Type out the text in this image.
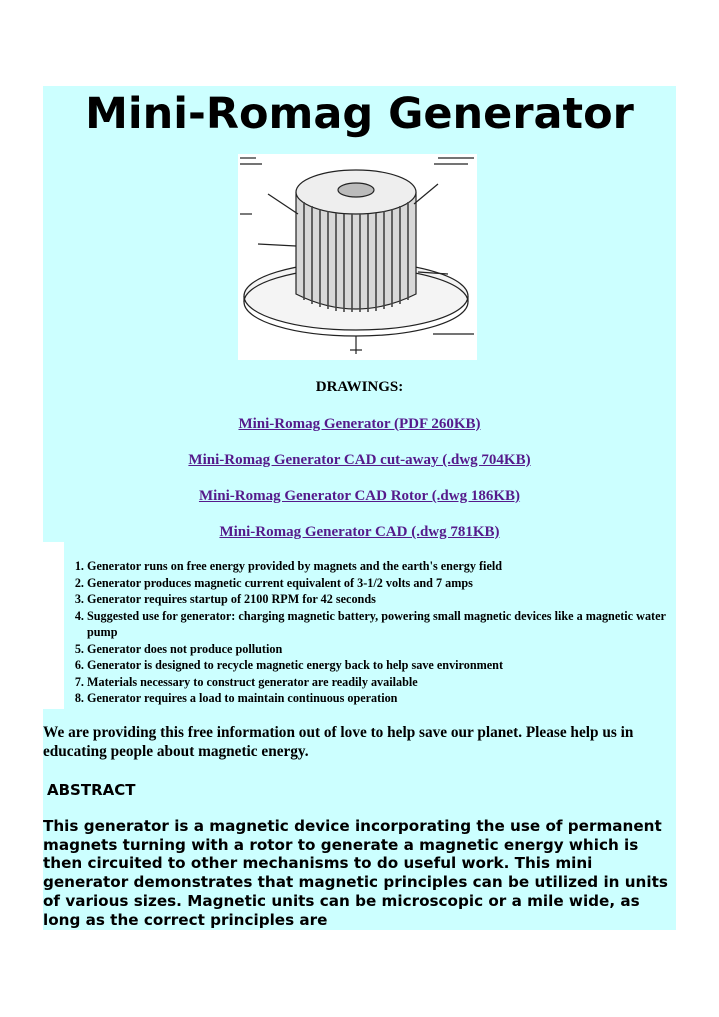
Mini-Romag Generator

DRAWINGS:

Mini-Romag Generator (PDF 260KB)

Mini-Romag Generator CAD cut-away (.dwg 704KB)

Mini-Romag Generator CAD Rotor (.dwg 186KB)

Mini-Romag Generator CAD (.dwg 781KB)

1. Generator runs on free energy provided by magnets and the earth's energy field
2. Generator produces magnetic current equivalent of 3-1/2 volts and 7 amps
3. Generator requires startup of 2100 RPM for 42 seconds
4. Suggested use for generator: charging magnetic battery, powering small magnetic devices like a magnetic water pump
5. Generator does not produce pollution
6. Generator is designed to recycle magnetic energy back to help save environment
7. Materials necessary to construct generator are readily available
8. Generator requires a load to maintain continuous operation

We are providing this free information out of love to help save our planet. Please help us in educating people about magnetic energy.

ABSTRACT

This generator is a magnetic device incorporating the use of permanent magnets turning with a rotor to generate a magnetic energy which is then circuited to other mechanisms to do useful work. This mini generator demonstrates that magnetic principles can be utilized in units of various sizes. Magnetic units can be microscopic or a mile wide, as long as the correct principles are
